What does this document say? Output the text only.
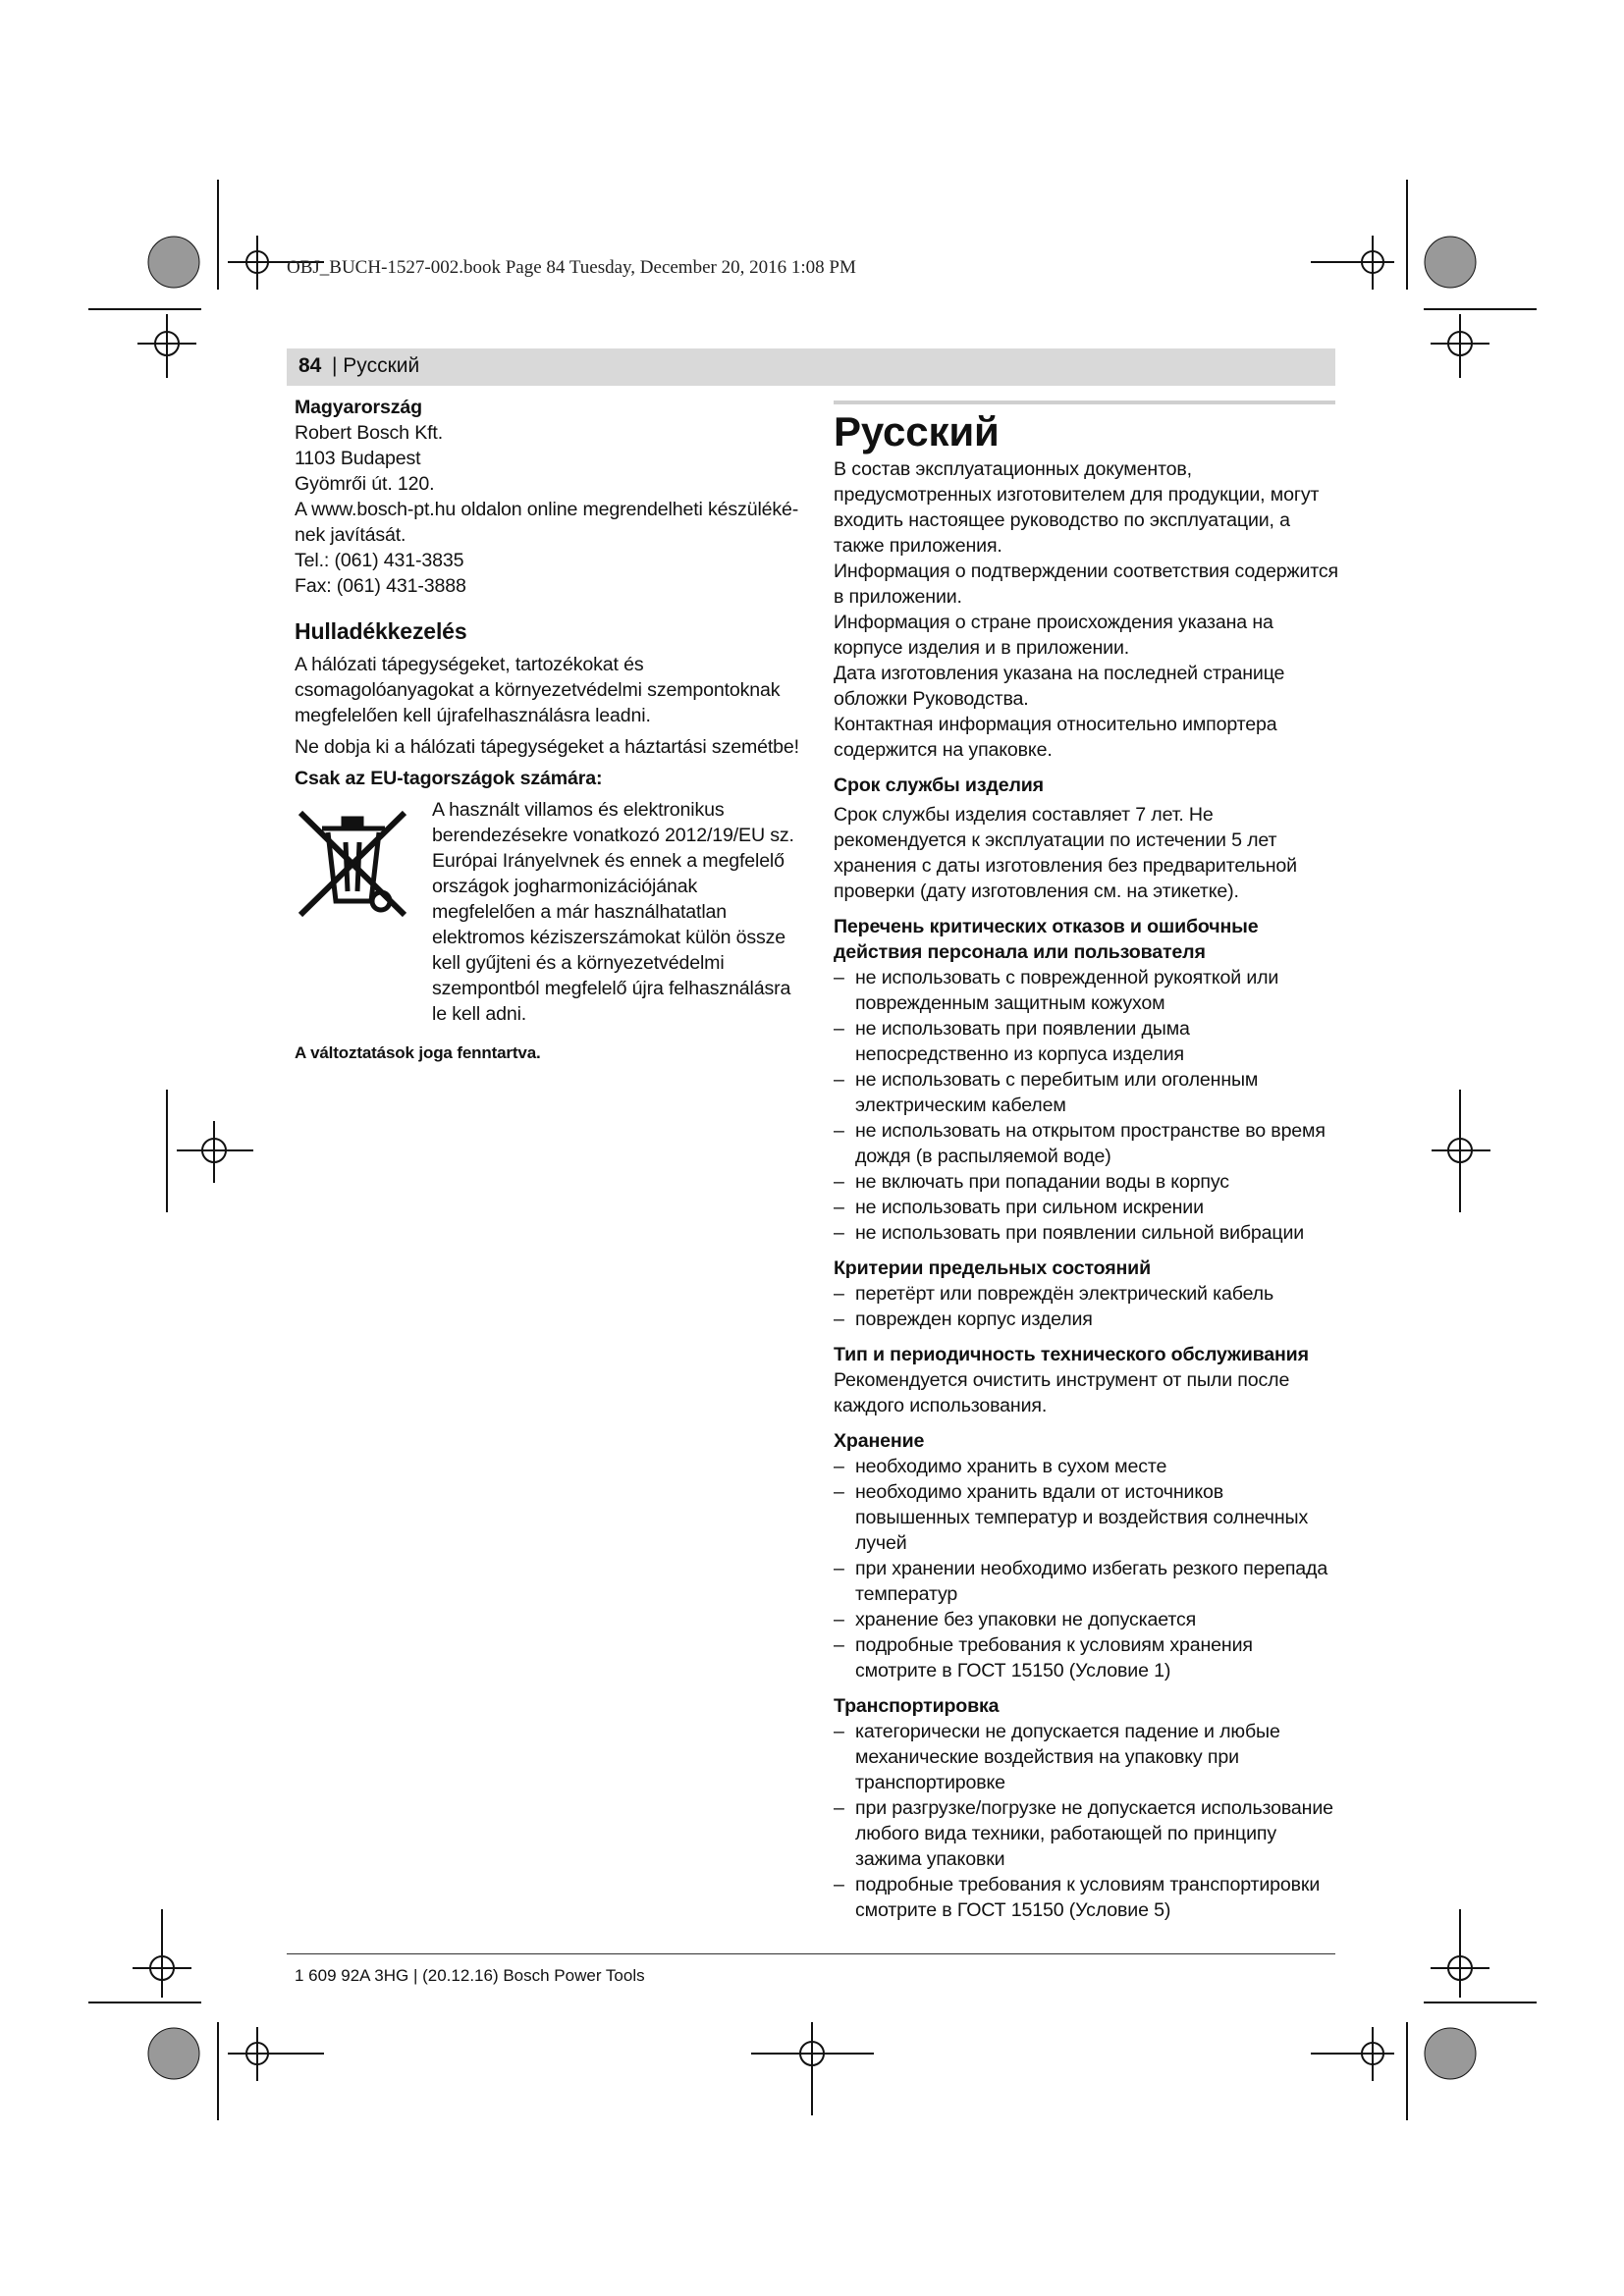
OBJ_BUCH-1527-002.book Page 84 Tuesday, December 20, 2016 1:08 PM
84 | Русский

Magyarország

Robert Bosch Kft.

1103 Budapest

Gyömrői út. 120.

A www.bosch-pt.hu oldalon online megrendelheti készüléké-nek javítását.

Tel.: (061) 431-3835

Fax: (061) 431-3888

Hulladékkezelés

A hálózati tápegységeket, tartozékokat és csomagolóanyagokat a környezetvédelmi szempontoknak megfelelően kell újrafelhasználásra leadni.

Ne dobja ki a hálózati tápegységeket a háztartási szemétbe!

Csak az EU-tagországok számára:

A használt villamos és elektronikus berendezésekre vonatkozó 2012/19/EU sz. Európai Irányelvnek és ennek a megfelelő országok jogharmonizációjának megfelelően a már használhatatlan elektromos kéziszerszámokat külön össze kell gyűjteni és a környezetvédelmi szempontból megfelelő újra felhasználásra le kell adni.

A változtatások joga fenntartva.

Русский

В состав эксплуатационных документов, предусмотренных изготовителем для продукции, могут входить настоящее руководство по эксплуатации, а также приложения.

Информация о подтверждении соответствия содержится в приложении.

Информация о стране происхождения указана на корпусе изделия и в приложении.

Дата изготовления указана на последней странице обложки Руководства.

Контактная информация относительно импортера содержится на упаковке.

Срок службы изделия

Срок службы изделия составляет 7 лет. Не рекомендуется к эксплуатации по истечении 5 лет хранения с даты изготовления без предварительной проверки (дату изготовления см. на этикетке).

Перечень критических отказов и ошибочные действия персонала или пользователя

– не использовать с поврежденной рукояткой или поврежденным защитным кожухом
– не использовать при появлении дыма непосредственно из корпуса изделия
– не использовать с перебитым или оголенным электрическим кабелем
– не использовать на открытом пространстве во время дождя (в распыляемой воде)
– не включать при попадании воды в корпус
– не использовать при сильном искрении
– не использовать при появлении сильной вибрации

Критерии предельных состояний

– перетёрт или повреждён электрический кабель
– поврежден корпус изделия

Тип и периодичность технического обслуживания

Рекомендуется очистить инструмент от пыли после каждого использования.

Хранение

– необходимо хранить в сухом месте
– необходимо хранить вдали от источников повышенных температур и воздействия солнечных лучей
– при хранении необходимо избегать резкого перепада температур
– хранение без упаковки не допускается
– подробные требования к условиям хранения смотрите в ГОСТ 15150 (Условие 1)

Транспортировка

– категорически не допускается падение и любые механические воздействия на упаковку при транспортировке
– при разгрузке/погрузке не допускается использование любого вида техники, работающей по принципу зажима упаковки
– подробные требования к условиям транспортировки смотрите в ГОСТ 15150 (Условие 5)
1 609 92A 3HG | (20.12.16) Bosch Power Tools
